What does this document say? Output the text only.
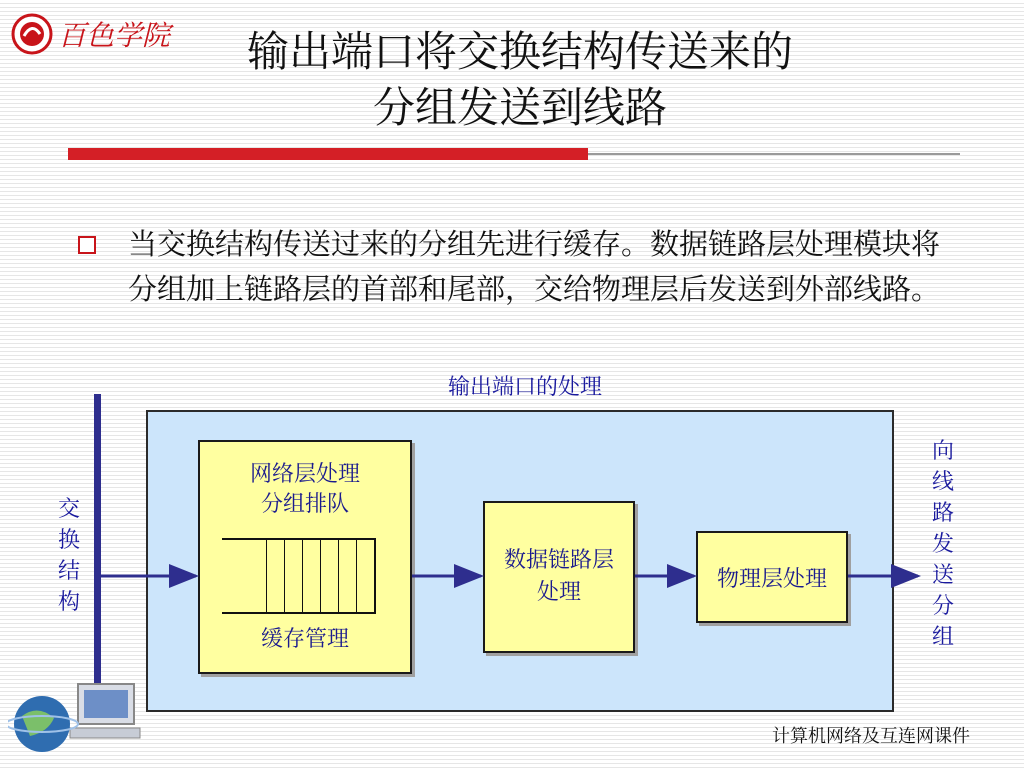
百色学院	输出端口将交换结构传送来的
分组发送到线路
当交换结构传送过来的分组先进行缓存。数据链路层处理模块将分组加上链路层的首部和尾部，交给物理层后发送到外部线路。
输出端口的处理
交换结构
向线路发送分组
网络层处理
分组排队
缓存管理
数据链路层
处理
物理层处理
计算机网络及互连网课件
